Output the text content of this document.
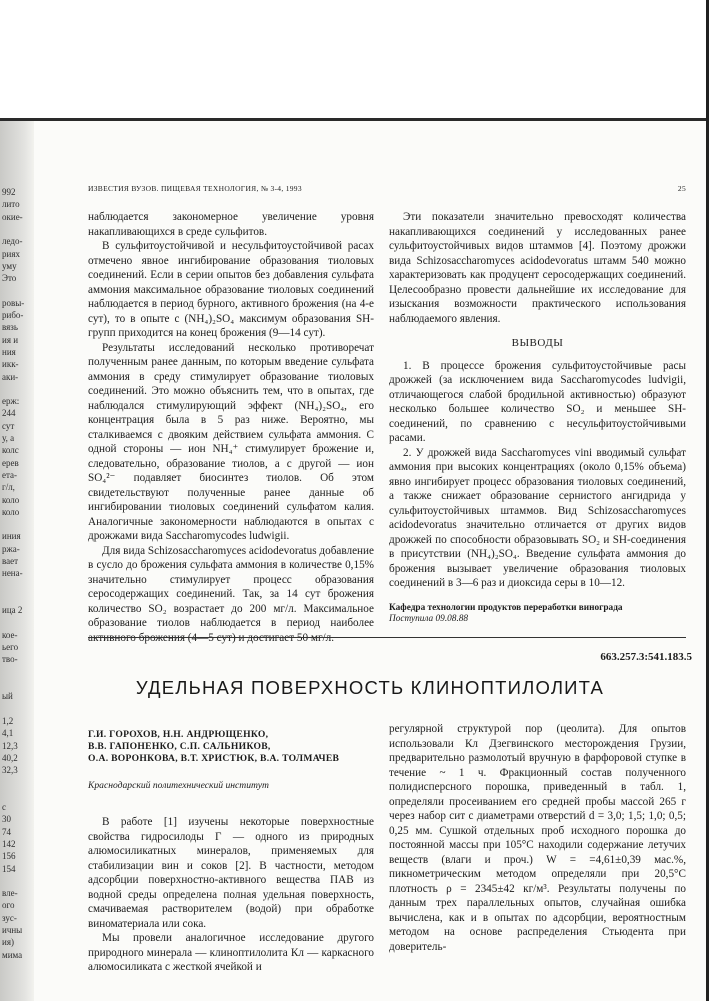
992
лито
окие-
ледо-
риях
уму
Это
ровы-
рибо-
вязь
ия и
ния
икк-
аки-
ерж:
244
сут
у, а
колс
ерев
ета-
г/л,
коло
коло
иния
ржа-
вает
нена-
ица 2
кое-
ьего
тво-
ый
1,2
4,1
12,3
40,2
32,3
с
30
74
142
156
154
вле-
ого
зус-
ичны
ия)
мима
ИЗВЕСТИЯ ВУЗОВ. ПИЩЕВАЯ ТЕХНОЛОГИЯ, № 3-4, 1993	25

наблюдается закономерное увеличение уровня накапливающихся в среде сульфитов.

В сульфитоустойчивой и несульфитоустойчивой расах отмечено явное ингибирование образования тиоловых соединений. Если в серии опытов без добавления сульфата аммония максимальное образование тиоловых соединений наблюдается в период бурного, активного брожения (на 4-е сут), то в опыте с (NH₄)₂SO₄ максимум образования SH-групп приходится на конец брожения (9—14 сут).

Результаты исследований несколько противоречат полученным ранее данным, по которым введение сульфата аммония в среду стимулирует образование тиоловых соединений. Это можно объяснить тем, что в опытах, где наблюдался стимулирующий эффект (NH₄)₂SO₄, его концентрация была в 5 раз ниже. Вероятно, мы сталкиваемся с двояким действием сульфата аммония. С одной стороны — ион NH₄⁺ стимулирует брожение и, следовательно, образование тиолов, а с другой — ион SO₄²⁻ подавляет биосинтез тиолов. Об этом свидетельствуют полученные ранее данные об ингибировании тиоловых соединений сульфатом калия. Аналогичные закономерности наблюдаются в опытах с дрожжами вида Saccharomycodes ludwigii.

Для вида Schizosaccharomyces acidodevoratus добавление в сусло до брожения сульфата аммония в количестве 0,15% значительно стимулирует процесс образования серосодержащих соединений. Так, за 14 сут брожения количество SO₂ возрастает до 200 мг/л. Максимальное образование тиолов наблюдается в период наиболее активного брожения (4—5 сут) и достигает 50 мг/л.

Эти показатели значительно превосходят количества накапливающихся соединений у исследованных ранее сульфитоустойчивых видов штаммов [4]. Поэтому дрожжи вида Schizosaccharomyces acidodevoratus штамм 540 можно характеризовать как продуцент серосодержащих соединений. Целесообразно провести дальнейшие их исследование для изыскания возможности практического использования наблюдаемого явления.

ВЫВОДЫ

1. В процессе брожения сульфитоустойчивые расы дрожжей (за исключением вида Saccharomycodes ludvigii, отличающегося слабой бродильной активностью) образуют несколько большее количество SO₂ и меньшее SH-соединений, по сравнению с несульфитоустойчивыми расами.

2. У дрожжей вида Saccharomyces vini вводимый сульфат аммония при высоких концентрациях (около 0,15% объема) явно ингибирует процесс образования тиоловых соединений, а также снижает образование сернистого ангидрида у сульфитоустойчивых штаммов. Вид Schizosaccharomyces acidodevoratus значительно отличается от других видов дрожжей по способности образовывать SO₂ и SH-соединения в присутствии (NH₄)₂SO₄. Введение сульфата аммония до брожения вызывает увеличение образования тиоловых соединений в 3—6 раз и диоксида серы в 10—12.

Кафедра технологии продуктов переработки винограда

Поступила 09.08.88

663.257.3:541.183.5
УДЕЛЬНАЯ ПОВЕРХНОСТЬ КЛИНОПТИЛОЛИТА
Г.И. ГОРОХОВ, Н.Н. АНДРЮЩЕНКО,
В.В. ГАПОНЕНКО, С.П. САЛЬНИКОВ,
О.А. ВОРОНКОВА, В.Т. ХРИСТЮК, В.А. ТОЛМАЧЕВ
Краснодарский политехнический институт

В работе [1] изучены некоторые поверхностные свойства гидросилоды Г — одного из природных алюмосиликатных минералов, применяемых для стабилизации вин и соков [2]. В частности, методом адсорбции поверхностно-активного вещества ПАВ из водной среды определена полная удельная поверхность, смачиваемая растворителем (водой) при обработке виноматериала или сока.

Мы провели аналогичное исследование другого природного минерала — клиноптилолита Кл — каркасного алюмосиликата с жесткой ячейкой и

регулярной структурой пор (цеолита). Для опытов использовали Кл Дзегвинского месторождения Грузии, предварительно размолотый вручную в фарфоровой ступке в течение ~ 1 ч. Фракционный состав полученного полидисперсного порошка, приведенный в табл. 1, определяли просеиванием его средней пробы массой 265 г через набор сит с диаметрами отверстий d = 3,0; 1,5; 1,0; 0,5; 0,25 мм. Сушкой отдельных проб исходного порошка до постоянной массы при 105°С находили содержание летучих веществ (влаги и проч.) W = =4,61±0,39 мас.%, пикнометрическим методом определяли при 20,5°С плотность ρ = 2345±42 кг/м³. Результаты получены по данным трех параллельных опытов, случайная ошибка вычислена, как и в опытах по адсорбции, вероятностным методом на основе распределения Стьюдента при доверитель-
